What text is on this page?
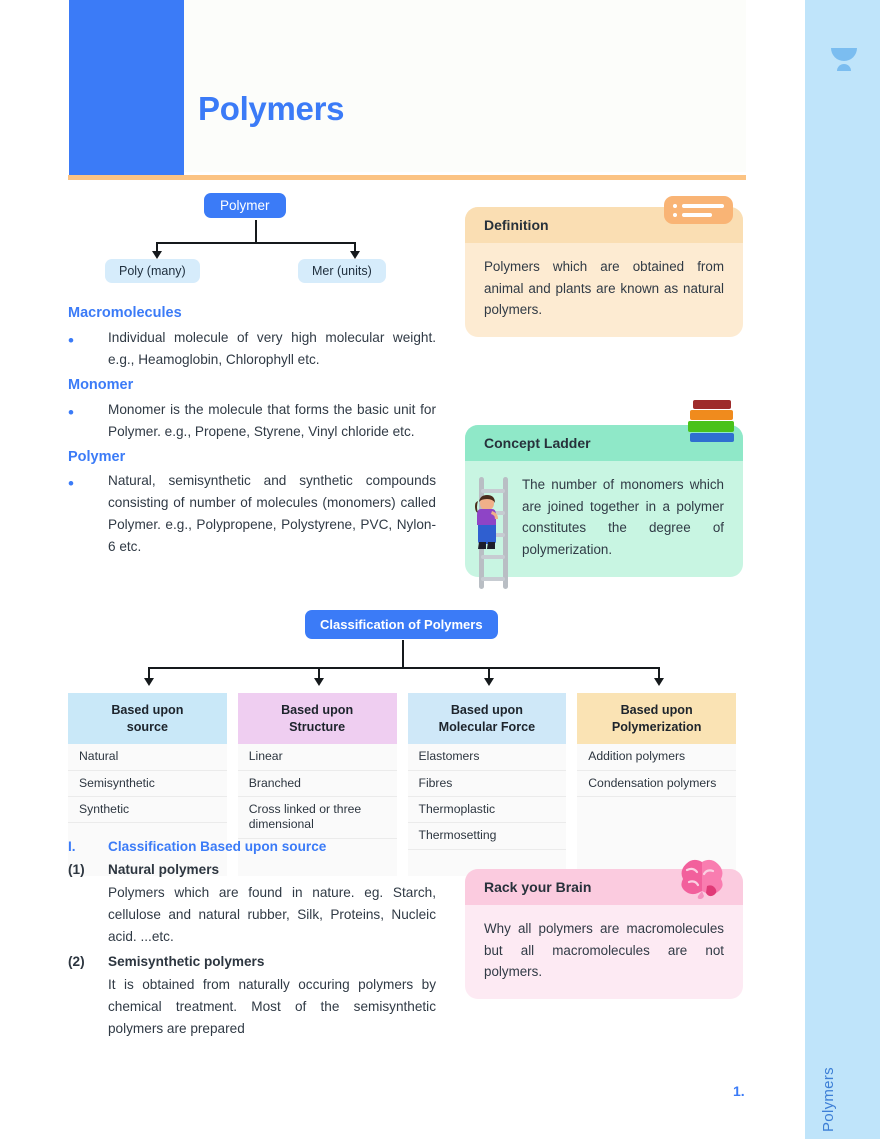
Polymers
Polymers
Polymer
Poly (many)	Mer (units)
Macromolecules
•	Individual molecule of very high molecular weight. e.g., Heamoglobin, Chlorophyll etc.
Monomer
•	Monomer is the molecule that forms the basic unit for Polymer. e.g., Propene, Styrene, Vinyl chloride etc.
Polymer
•	Natural, semisynthetic and synthetic compounds consisting of number of molecules (monomers) called Polymer. e.g., Polypropene, Polystyrene, PVC, Nylon-6 etc.
Definition
Polymers which are obtained from animal and plants are known as natural polymers.
Concept Ladder
The number of monomers which are joined together in a polymer constitutes the degree of polymerization.
Classification of Polymers
Based upon
source
Natural
Semisynthetic
Synthetic
Based upon
Structure
Linear
Branched
Cross linked or three dimensional
Based upon
Molecular Force
Elastomers
Fibres
Thermoplastic
Thermosetting
Based upon
Polymerization
Addition polymers
Condensation polymers
I.	Classification Based upon source
(1)	Natural polymers
Polymers which are found in nature. eg. Starch, cellulose and natural rubber, Silk, Proteins, Nucleic acid. ...etc.
(2)	Semisynthetic polymers
It is obtained from naturally occuring polymers by chemical treatment. Most of the semisynthetic polymers are prepared
Rack your Brain
Why all polymers are macromolecules but all macromolecules are not polymers.
1.
